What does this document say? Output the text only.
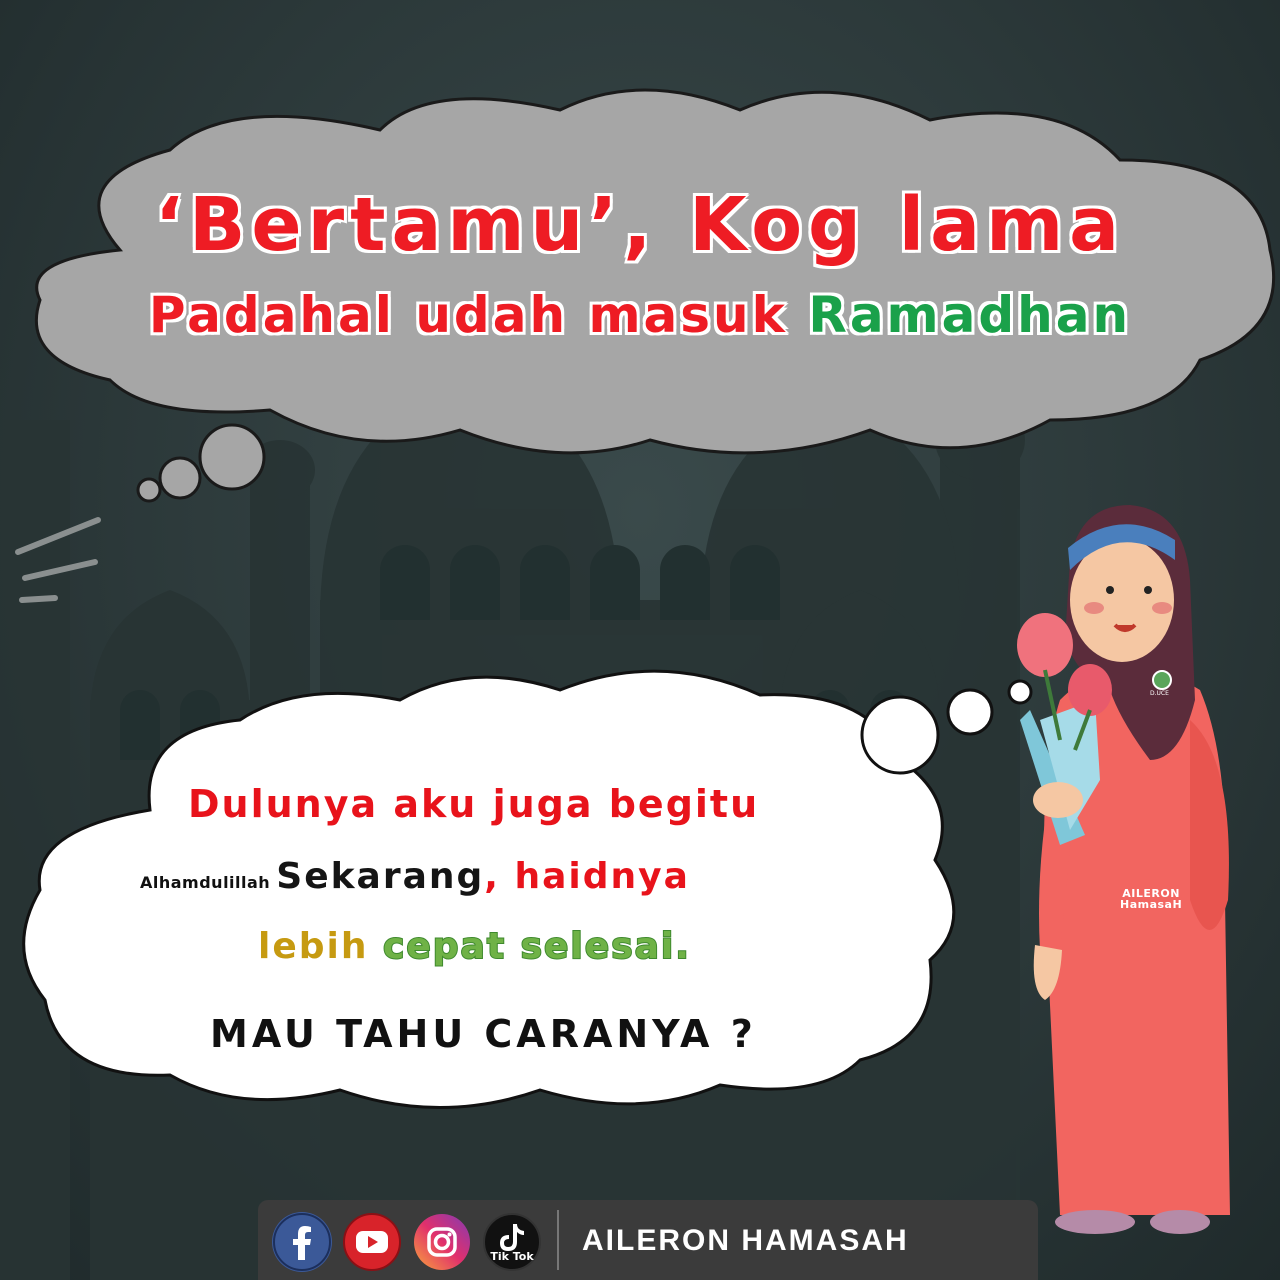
‘Bertamu’, Kog lama
Padahal udah masuk Ramadhan
D.UCE
AILERON
HamasaH
Dulunya aku juga begitu
Alhamdulillah Sekarang, haidnya
lebih cepat selesai.
MAU TAHU CARANYA ?
Tik Tok AILERON HAMASAH
